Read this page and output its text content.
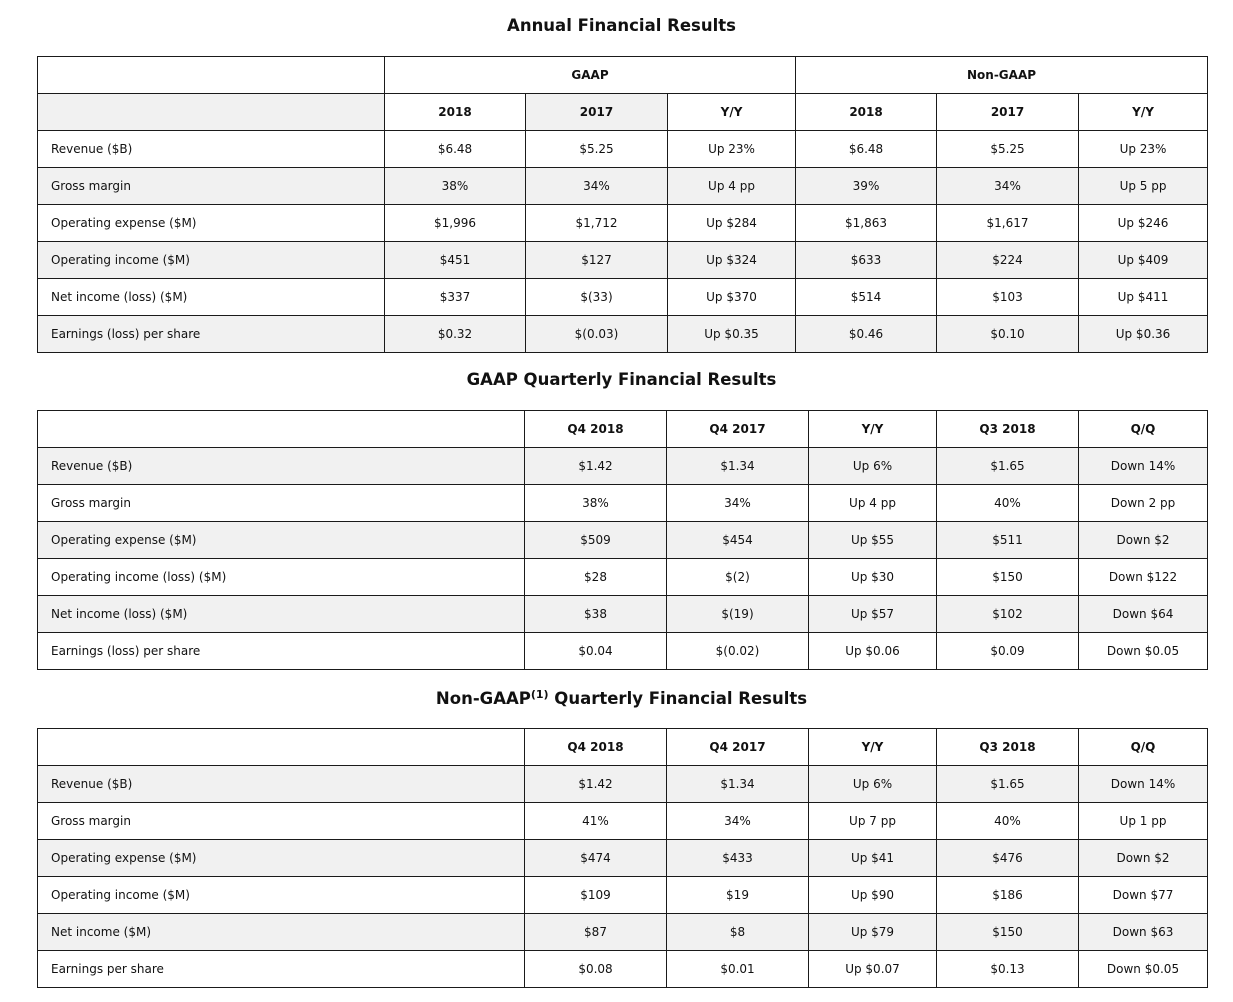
Annual Financial Results
	GAAP			Non-GAAP		
	2018	2017	Y/Y	2018	2017	Y/Y
Revenue ($B)	$6.48	$5.25	Up 23%	$6.48	$5.25	Up 23%
Gross margin	38%	34%	Up 4 pp	39%	34%	Up 5 pp
Operating expense ($M)	$1,996	$1,712	Up $284	$1,863	$1,617	Up $246
Operating income ($M)	$451	$127	Up $324	$633	$224	Up $409
Net income (loss) ($M)	$337	$(33)	Up $370	$514	$103	Up $411
Earnings (loss) per share	$0.32	$(0.03)	Up $0.35	$0.46	$0.10	Up $0.36
GAAP Quarterly Financial Results
	Q4 2018	Q4 2017	Y/Y	Q3 2018	Q/Q
Revenue ($B)	$1.42	$1.34	Up 6%	$1.65	Down 14%
Gross margin	38%	34%	Up 4 pp	40%	Down 2 pp
Operating expense ($M)	$509	$454	Up $55	$511	Down $2
Operating income (loss) ($M)	$28	$(2)	Up $30	$150	Down $122
Net income (loss) ($M)	$38	$(19)	Up $57	$102	Down $64
Earnings (loss) per share	$0.04	$(0.02)	Up $0.06	$0.09	Down $0.05
Non-GAAP$^{(1)}$ Quarterly Financial Results
	Q4 2018	Q4 2017	Y/Y	Q3 2018	Q/Q
Revenue ($B)	$1.42	$1.34	Up 6%	$1.65	Down 14%
Gross margin	41%	34%	Up 7 pp	40%	Up 1 pp
Operating expense ($M)	$474	$433	Up $41	$476	Down $2
Operating income ($M)	$109	$19	Up $90	$186	Down $77
Net income ($M)	$87	$8	Up $79	$150	Down $63
Earnings per share	$0.08	$0.01	Up $0.07	$0.13	Down $0.05
